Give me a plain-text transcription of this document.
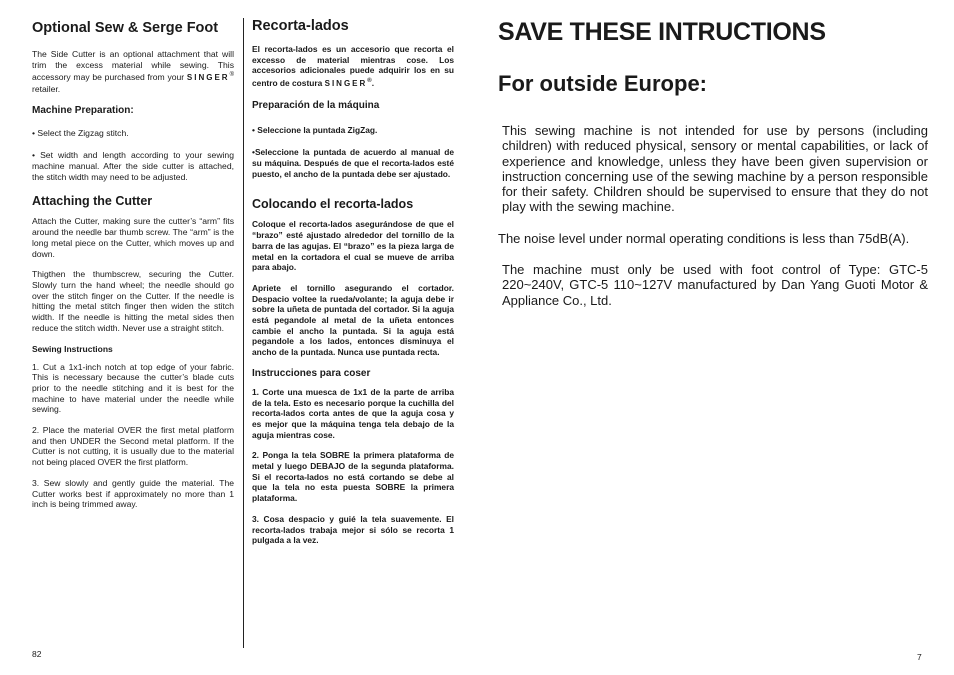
Optional Sew & Serge Foot

The Side Cutter is an optional attachment that will trim the excess material while sewing. This accessory may be purchased from your SINGER® retailer.

Machine Preparation:
• Select the Zigzag stitch.
• Set width and length according to your sewing machine manual. After the side cutter is attached, the stitch width may need to be adjusted.
Attaching the Cutter

Attach the Cutter, making sure the cutter’s “arm” fits around the needle bar thumb screw. The “arm” is the long metal piece on the Cutter, which moves up and down.

Thigthen the thumbscrew, securing the Cutter. Slowly turn the hand wheel; the needle should go over the stitch finger on the Cutter. If the needle is hitting the metal stitch finger then widen the stitch width. If the needle is hitting the metal sides then reduce the stitch width. Never use a straight stitch.

Sewing Instructions

1. Cut a 1x1-inch notch at top edge of your fabric. This is necessary because the cutter’s blade cuts prior to the needle stitching and it is best for the machine to have material under the needle while sewing.

2. Place the material OVER the first metal platform and then UNDER the Second metal platform. If the Cutter is not cutting, it is usually due to the material not being placed OVER the first platform.

3. Sew slowly and gently guide the material. The Cutter works best if approximately no more than 1 inch is being trimmed away.

Recorta-lados

El recorta-lados es un accesorio que recorta el excesso de material mientras cose. Los accesorios adicionales puede adquirir los en su centro de costura SINGER®.

Preparación de la máquina
• Seleccione la puntada ZigZag.
•Seleccione la puntada de acuerdo al manual de su máquina. Después de que el recorta-lados esté puesto, el ancho de la puntada debe ser ajustado.
Colocando el recorta-lados

Coloque el recorta-lados asegurándose de que el “brazo” esté ajustado alrededor del tornillo de la barra de las agujas. El “brazo” es la pieza larga de metal en la cortadora el cual se mueve de arriba para abajo.

Apriete el tornillo asegurando el cortador. Despacio voltee la rueda/volante; la aguja debe ir sobre la uñeta de puntada del cortador. Si la aguja está pegandole al metal de la uñeta entonces cambie el ancho la puntada. Si la aguja está pegandole a los lados, entonces disminuya el ancho de la puntada. Nunca use puntada recta.

Instrucciones para coser

1. Corte una muesca de 1x1 de la parte de arriba de la tela. Esto es necesario porque la cuchilla del recorta-lados corta antes de que la aguja cosa y es mejor que la máquina tenga tela debajo de la aguja mientras cose.

2. Ponga la tela SOBRE la primera plataforma de metal y luego DEBAJO de la segunda plataforma. Si el recorta-lados no está cortando se debe al que la tela no esta puesta SOBRE la primera plataforma.

3. Cosa despacio y guié la tela suavemente. El recorta-lados trabaja mejor si sólo se recorta 1 pulgada a la vez.

SAVE THESE INTRUCTIONS
For outside Europe:

This sewing machine is not intended for use by persons (including children) with reduced physical, sensory or mental capabilities, or lack of experience and knowledge, unless they have been given supervision or instruction concerning use of the sewing machine by a person responsible for their safety. Children should be supervised to ensure that they do not play with the sewing machine.

The noise level under normal operating conditions is less than 75dB(A).

The machine must only be used with foot control of Type: GTC-5 220~240V, GTC-5 110~127V manufactured by Dan Yang Guoti Motor & Appliance Co., Ltd.

82	7
